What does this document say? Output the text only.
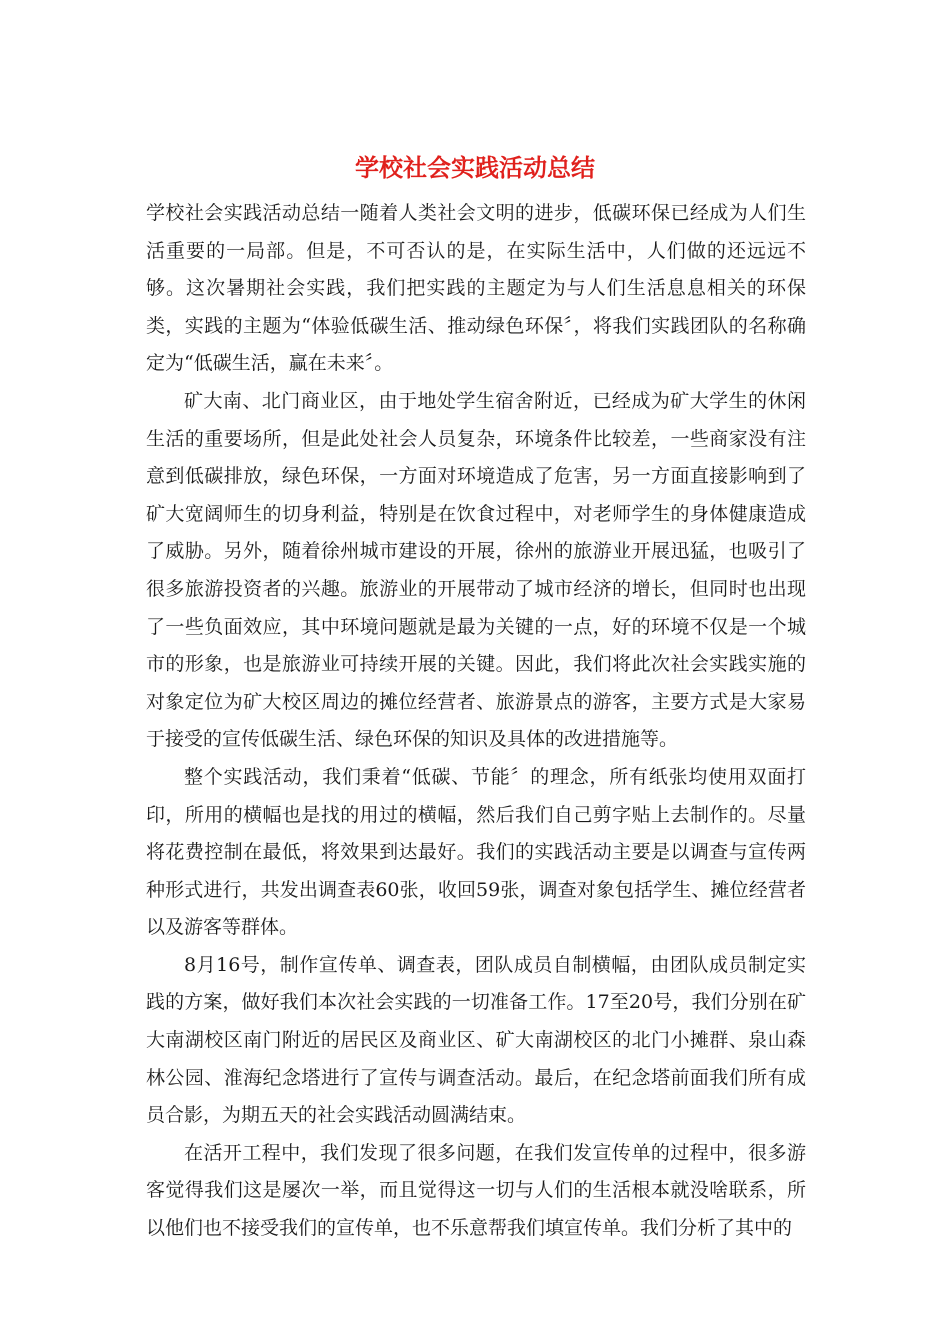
学校社会实践活动总结

学校社会实践活动总结一随着人类社会文明的进步，低碳环保已经成为人们生活重要的一局部。但是，不可否认的是，在实际生活中，人们做的还远远不够。这次暑期社会实践，我们把实践的主题定为与人们生活息息相关的环保类，实践的主题为“体验低碳生活、推动绿色环保〞，将我们实践团队的名称确定为“低碳生活，赢在未来〞。

矿大南、北门商业区，由于地处学生宿舍附近，已经成为矿大学生的休闲生活的重要场所，但是此处社会人员复杂，环境条件比较差，一些商家没有注意到低碳排放，绿色环保，一方面对环境造成了危害，另一方面直接影响到了矿大宽阔师生的切身利益，特别是在饮食过程中，对老师学生的身体健康造成了威胁。另外，随着徐州城市建设的开展，徐州的旅游业开展迅猛，也吸引了很多旅游投资者的兴趣。旅游业的开展带动了城市经济的增长，但同时也出现了一些负面效应，其中环境问题就是最为关键的一点，好的环境不仅是一个城市的形象，也是旅游业可持续开展的关键。因此，我们将此次社会实践实施的对象定位为矿大校区周边的摊位经营者、旅游景点的游客，主要方式是大家易于接受的宣传低碳生活、绿色环保的知识及具体的改进措施等。

整个实践活动，我们秉着“低碳、节能〞的理念，所有纸张均使用双面打印，所用的横幅也是找的用过的横幅，然后我们自己剪字贴上去制作的。尽量将花费控制在最低，将效果到达最好。我们的实践活动主要是以调查与宣传两种形式进行，共发出调查表60张，收回59张，调查对象包括学生、摊位经营者以及游客等群体。

8月16号，制作宣传单、调查表，团队成员自制横幅，由团队成员制定实践的方案，做好我们本次社会实践的一切准备工作。17至20号，我们分别在矿大南湖校区南门附近的居民区及商业区、矿大南湖校区的北门小摊群、泉山森林公园、淮海纪念塔进行了宣传与调查活动。最后，在纪念塔前面我们所有成员合影，为期五天的社会实践活动圆满结束。

在活开工程中，我们发现了很多问题，在我们发宣传单的过程中，很多游客觉得我们这是屡次一举，而且觉得这一切与人们的生活根本就没啥联系，所以他们也不接受我们的宣传单，也不乐意帮我们填宣传单。我们分析了其中的
